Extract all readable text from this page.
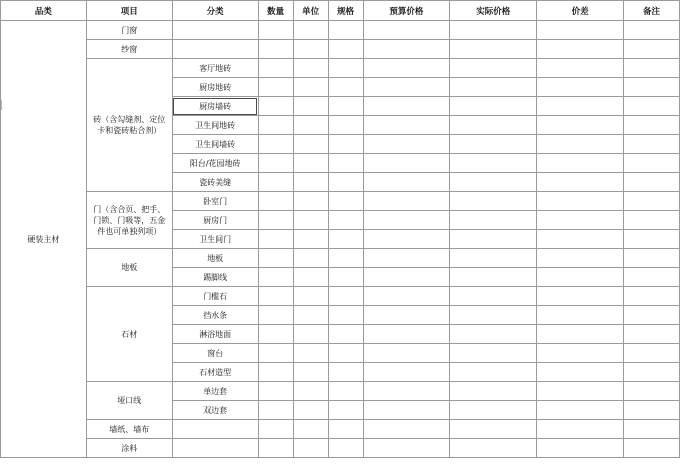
品类	项目	分类	数量	单位	规格	预算价格	实际价格	价差	备注
硬装主材	门窗								
	纱窗								
	砖（含勾缝剂、定位卡和瓷砖粘合剂）	客厅地砖							
		厨房地砖							
		厨房墙砖							
		卫生间地砖							
		卫生间墙砖							
		阳台/花园地砖							
		瓷砖美缝							
	门（含合页、把手、门锁、门吸等，五金件也可单独列项）	卧室门							
		厨房门							
		卫生间门							
	地板	地板							
		踢脚线							
	石材	门槛石							
		挡水条							
		淋浴地面							
		窗台							
		石材造型							
	垭口线	单边套							
		双边套							
	墙纸、墙布								
	涂料								
